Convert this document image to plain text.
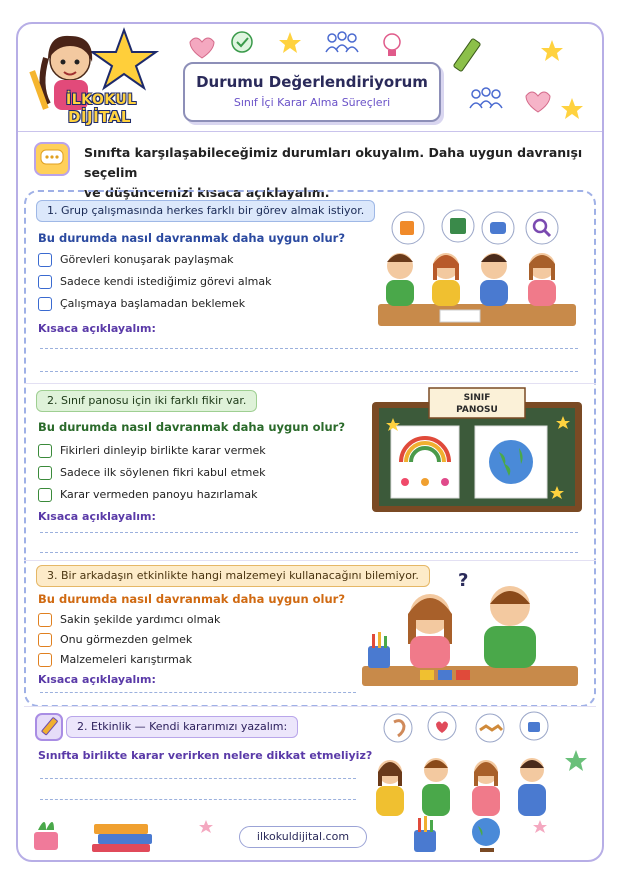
İLKOKUL
DİJİTAL
Durumu Değerlendiriyorum
Sınıf İçi Karar Alma Süreçleri
Sınıfta karşılaşabileceğimiz durumları okuyalım. Daha uygun davranışı seçelim
ve düşüncemizi kısaca açıklayalım.
1. Grup çalışmasında herkes farklı bir görev almak istiyor.
Bu durumda nasıl davranmak daha uygun olur?
Görevleri konuşarak paylaşmak
Sadece kendi istediğimiz görevi almak
Çalışmaya başlamadan beklemek
Kısaca açıklayalım:
2. Sınıf panosu için iki farklı fikir var.
Bu durumda nasıl davranmak daha uygun olur?
Fikirleri dinleyip birlikte karar vermek
Sadece ilk söylenen fikri kabul etmek
Karar vermeden panoyu hazırlamak
Kısaca açıklayalım:
SINIF
PANOSU
3. Bir arkadaşın etkinlikte hangi malzemeyi kullanacağını bilemiyor.
Bu durumda nasıl davranmak daha uygun olur?
Sakin şekilde yardımcı olmak
Onu görmezden gelmek
Malzemeleri karıştırmak
Kısaca açıklayalım:
?
2. Etkinlik — Kendi kararımızı yazalım:
Sınıfta birlikte karar verirken nelere dikkat etmeliyiz?
ilkokuldijital.com
